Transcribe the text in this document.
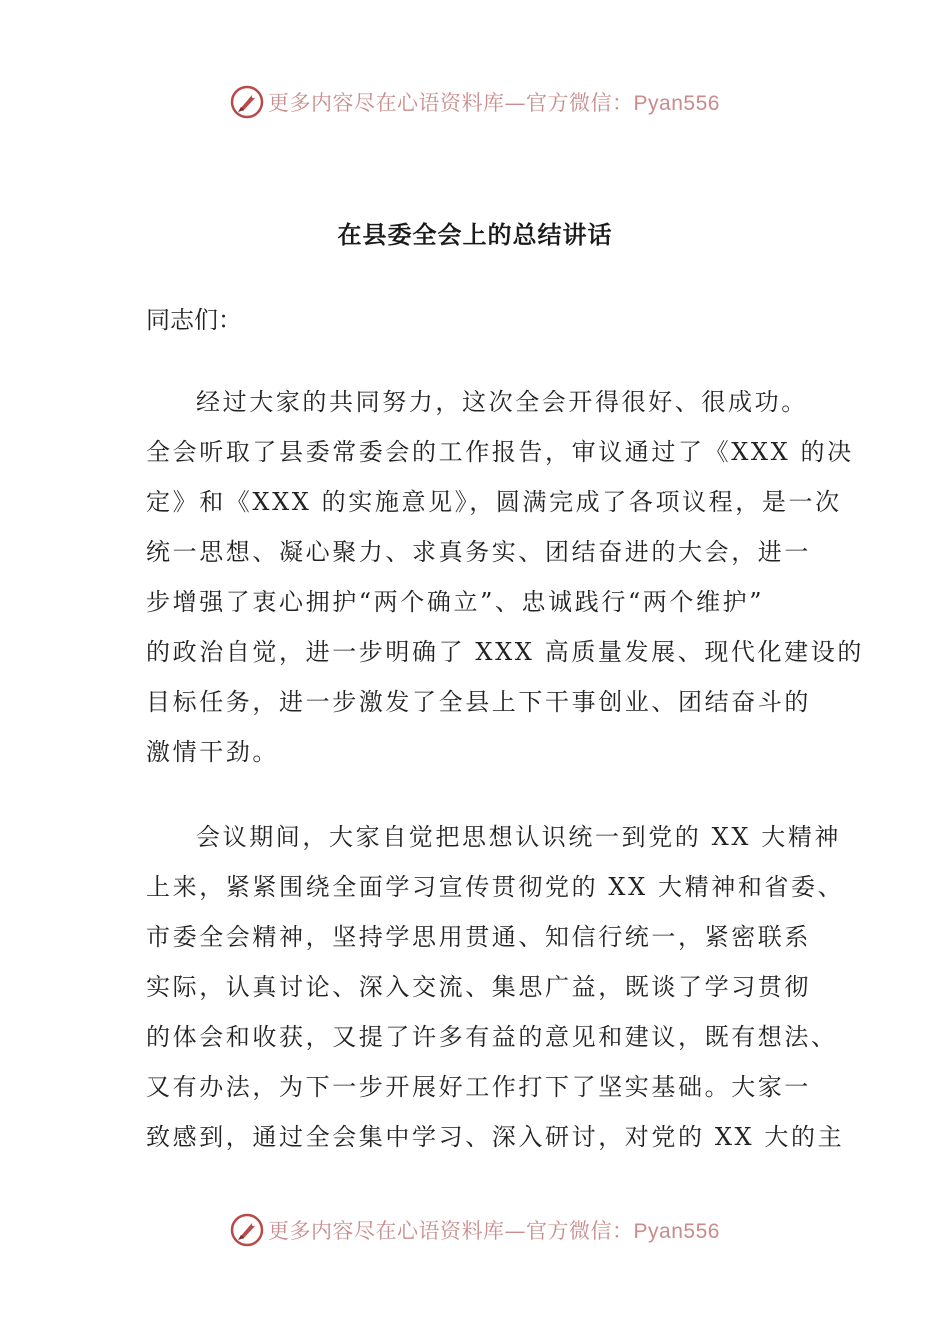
更多内容尽在心语资料库—官方微信：Pyan556
在县委全会上的总结讲话
同志们：
经过大家的共同努力，这次全会开得很好、很成功。
全会听取了县委常委会的工作报告，审议通过了《XXX 的决
定》和《XXX 的实施意见》，圆满完成了各项议程，是一次
统一思想、凝心聚力、求真务实、团结奋进的大会，进一
步增强了衷心拥护“两个确立”、忠诚践行“两个维护”
的政治自觉，进一步明确了 XXX 高质量发展、现代化建设的
目标任务，进一步激发了全县上下干事创业、团结奋斗的
激情干劲。
会议期间，大家自觉把思想认识统一到党的 XX 大精神
上来，紧紧围绕全面学习宣传贯彻党的 XX 大精神和省委、
市委全会精神，坚持学思用贯通、知信行统一，紧密联系
实际，认真讨论、深入交流、集思广益，既谈了学习贯彻
的体会和收获，又提了许多有益的意见和建议，既有想法、
又有办法，为下一步开展好工作打下了坚实基础。大家一
致感到，通过全会集中学习、深入研讨，对党的 XX 大的主
更多内容尽在心语资料库—官方微信：Pyan556
